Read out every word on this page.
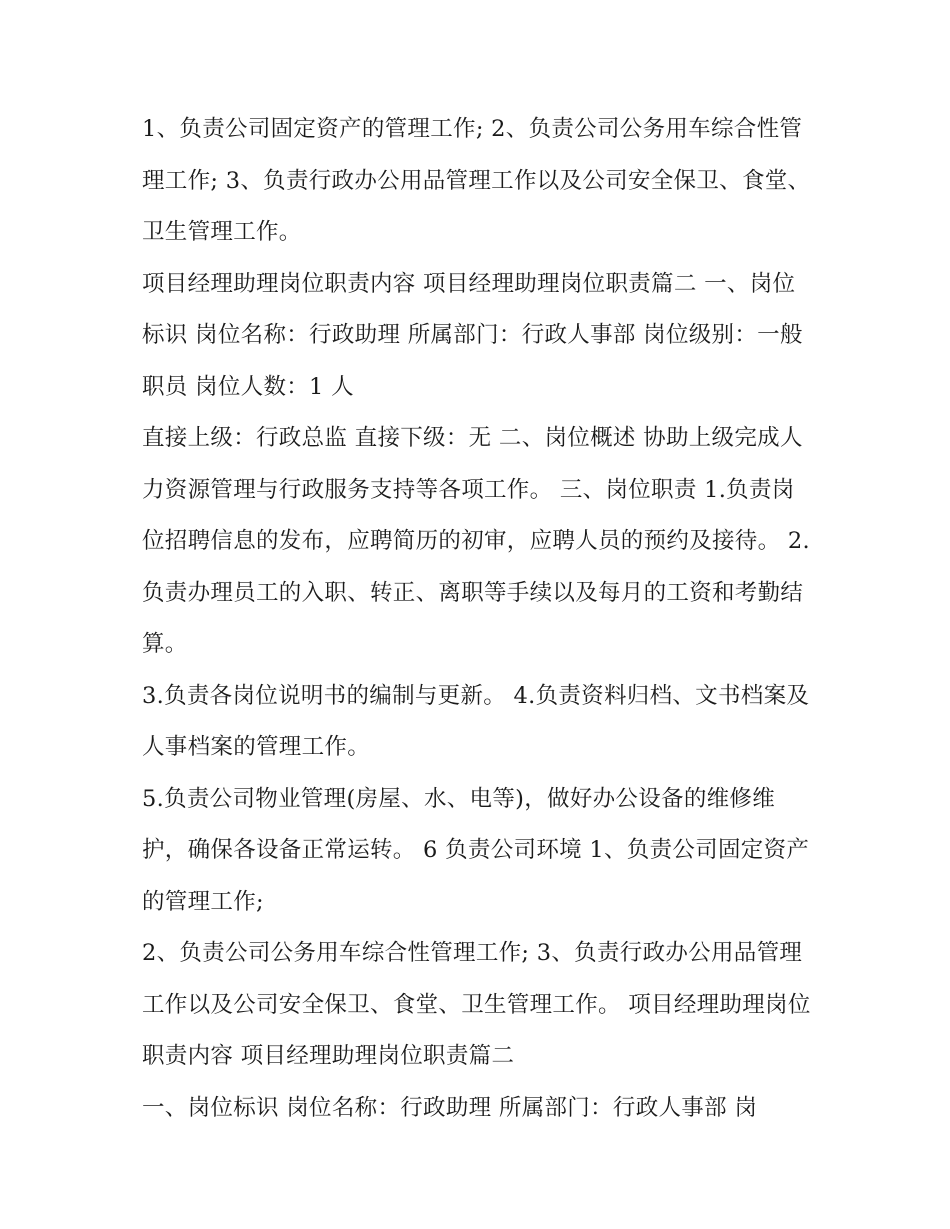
1、负责公司固定资产的管理工作; 2、负责公司公务用车综合性管理工作; 3、负责行政办公用品管理工作以及公司安全保卫、食堂、卫生管理工作。

项目经理助理岗位职责内容 项目经理助理岗位职责篇二 一、岗位标识 岗位名称：行政助理 所属部门：行政人事部 岗位级别：一般职员 岗位人数：1 人

直接上级：行政总监 直接下级：无 二、岗位概述 协助上级完成人力资源管理与行政服务支持等各项工作。 三、岗位职责 1.负责岗位招聘信息的发布，应聘简历的初审，应聘人员的预约及接待。 2.负责办理员工的入职、转正、离职等手续以及每月的工资和考勤结算。

3.负责各岗位说明书的编制与更新。 4.负责资料归档、文书档案及人事档案的管理工作。

5.负责公司物业管理(房屋、水、电等)，做好办公设备的维修维护，确保各设备正常运转。 6 负责公司环境 1、负责公司固定资产的管理工作;

2、负责公司公务用车综合性管理工作; 3、负责行政办公用品管理工作以及公司安全保卫、食堂、卫生管理工作。 项目经理助理岗位职责内容 项目经理助理岗位职责篇二

一、岗位标识 岗位名称：行政助理 所属部门：行政人事部 岗
